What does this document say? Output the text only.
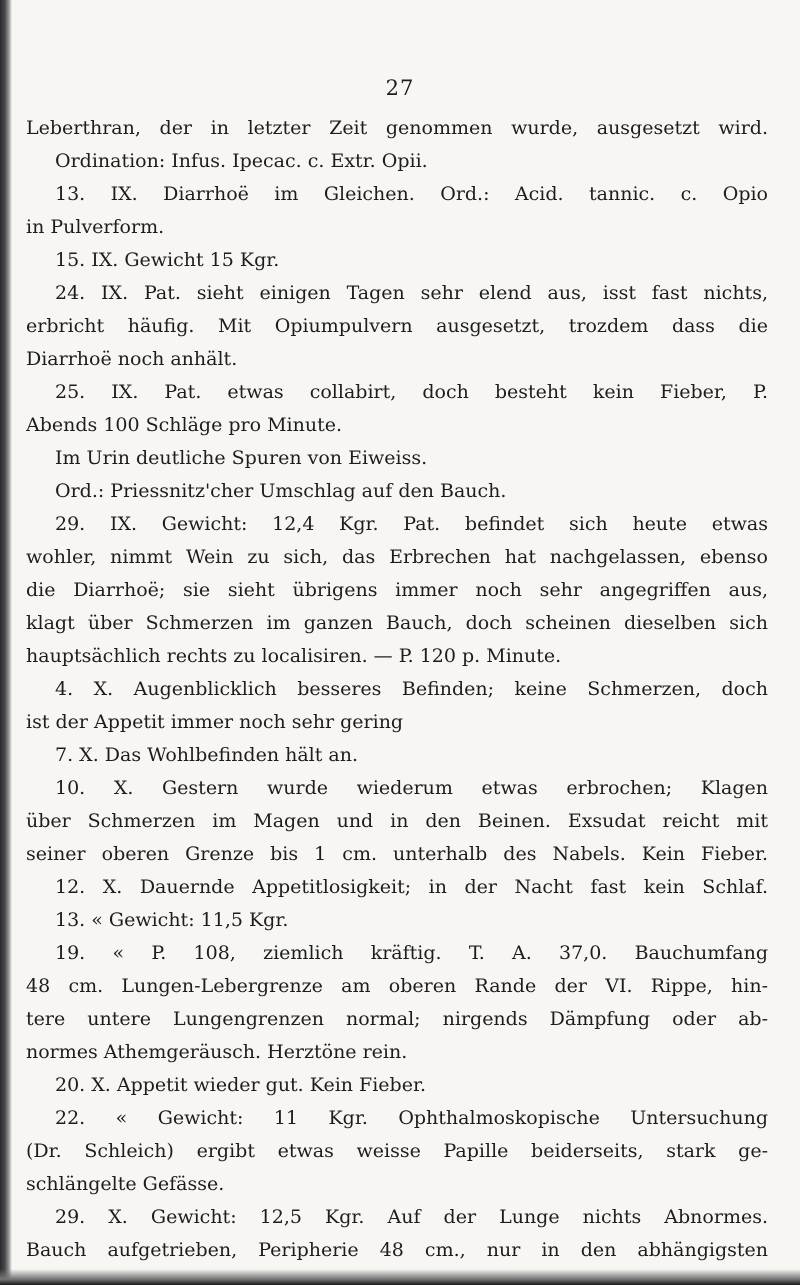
27
Leberthran, der in letzter Zeit genommen wurde, ausgesetzt wird.
Ordination: Infus. Ipecac. c. Extr. Opii.
13. IX. Diarrhoë im Gleichen. Ord.: Acid. tannic. c. Opio
in Pulverform.
15. IX. Gewicht 15 Kgr.
24. IX. Pat. sieht einigen Tagen sehr elend aus, isst fast nichts,
erbricht häufig. Mit Opiumpulvern ausgesetzt, trozdem dass die
Diarrhoë noch anhält.
25. IX. Pat. etwas collabirt, doch besteht kein Fieber, P.
Abends 100 Schläge pro Minute.
Im Urin deutliche Spuren von Eiweiss.
Ord.: Priessnitz'cher Umschlag auf den Bauch.
29. IX. Gewicht: 12,4 Kgr. Pat. befindet sich heute etwas
wohler, nimmt Wein zu sich, das Erbrechen hat nachgelassen, ebenso
die Diarrhoë; sie sieht übrigens immer noch sehr angegriffen aus,
klagt über Schmerzen im ganzen Bauch, doch scheinen dieselben sich
hauptsächlich rechts zu localisiren. — P. 120 p. Minute.
4. X. Augenblicklich besseres Befinden; keine Schmerzen, doch
ist der Appetit immer noch sehr gering
7. X. Das Wohlbefinden hält an.
10. X. Gestern wurde wiederum etwas erbrochen; Klagen
über Schmerzen im Magen und in den Beinen. Exsudat reicht mit
seiner oberen Grenze bis 1 cm. unterhalb des Nabels. Kein Fieber.
12. X. Dauernde Appetitlosigkeit; in der Nacht fast kein Schlaf.
13. « Gewicht: 11,5 Kgr.
19. « P. 108, ziemlich kräftig. T. A. 37,0. Bauchumfang
48 cm. Lungen-Lebergrenze am oberen Rande der VI. Rippe, hin-
tere untere Lungengrenzen normal; nirgends Dämpfung oder ab-
normes Athemgeräusch. Herztöne rein.
20. X. Appetit wieder gut. Kein Fieber.
22. « Gewicht: 11 Kgr. Ophthalmoskopische Untersuchung
(Dr. Schleich) ergibt etwas weisse Papille beiderseits, stark ge-
schlängelte Gefässe.
29. X. Gewicht: 12,5 Kgr. Auf der Lunge nichts Abnormes.
Bauch aufgetrieben, Peripherie 48 cm., nur in den abhängigsten
